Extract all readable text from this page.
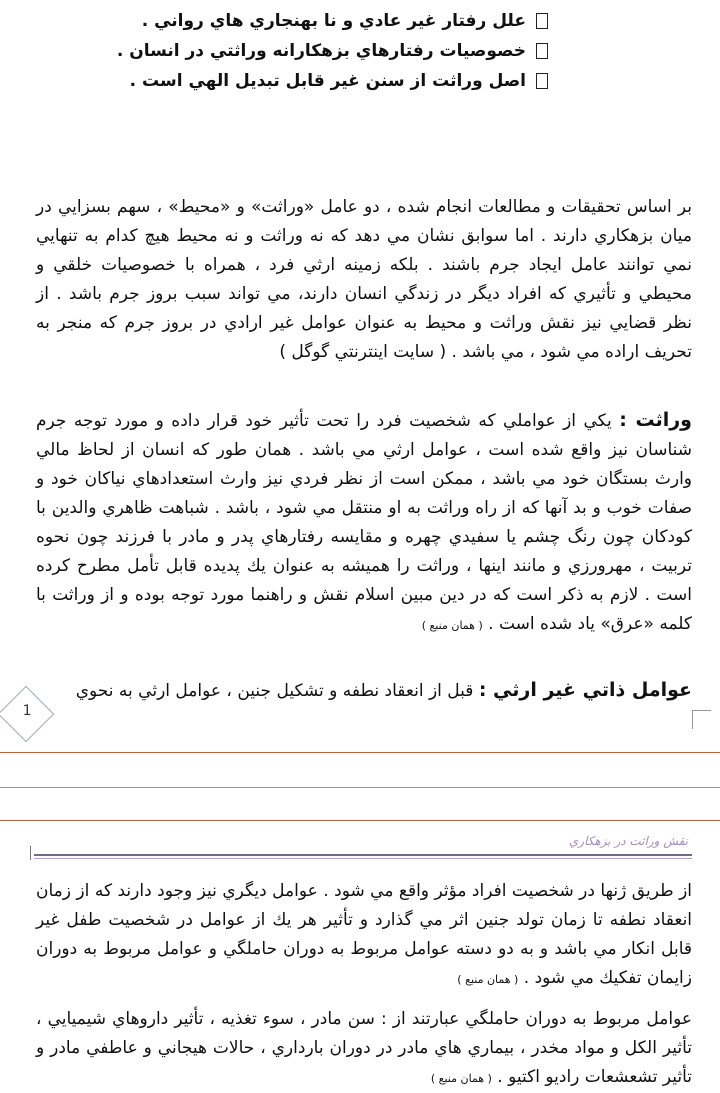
علل رفتار غير عادي و نا بهنجاري هاي رواني .
خصوصيات رفتارهاي بزهكارانه وراثتي در انسان .
اصل وراثت از سنن غير قابل تبديل الهي است .
بر اساس تحقيقات و مطالعات انجام شده ، دو عامل «وراثت» و «محيط» ، سهم بسزايي در ميان بزهكاري دارند . اما سوابق نشان مي دهد كه نه وراثت و نه محيط هيچ كدام به تنهايي نمي توانند عامل ايجاد جرم باشند . بلكه زمينه ارثي فرد ، همراه با خصوصيات خلقي و محيطي و تأثيري كه افراد ديگر در زندگي انسان دارند، مي تواند سبب بروز جرم باشد . از نظر قضايي نيز نقش وراثت و محيط به عنوان عوامل غير ارادي در بروز جرم كه منجر به تحريف اراده مي شود ، مي باشد . ( سايت اينترنتي گوگل )
وراثت : يكي از عواملي كه شخصيت فرد را تحت تأثير خود قرار داده و مورد توجه جرم شناسان نيز واقع شده است ، عوامل ارثي مي باشد . همان طور كه انسان از لحاظ مالي وارث بستگان خود مي باشد ، ممكن است از نظر فردي نيز وارث استعدادهاي نياكان خود و صفات خوب و بد آنها كه از راه وراثت به او منتقل مي شود ، باشد . شباهت ظاهري والدين با كودكان چون رنگ چشم يا سفيدي چهره و مقايسه رفتارهاي پدر و مادر با فرزند چون نحوه تربيت ، مهرورزي و مانند اينها ، وراثت را هميشه به عنوان يك پديده قابل تأمل مطرح كرده است . لازم به ذكر است كه در دين مبين اسلام نقش و راهنما مورد توجه بوده و از وراثت با كلمه «عرق» ياد شده است . ( همان منبع )
عوامل ذاتي غير ارثي : قبل از انعقاد نطفه و تشكيل جنين ، عوامل ارثي به نحوي
1
نقش وراثت در بزهكاري
از طريق ژنها در شخصيت افراد مؤثر واقع مي شود . عوامل ديگري نيز وجود دارند كه از زمان انعقاد نطفه تا زمان تولد جنين اثر مي گذارد و تأثير هر يك از عوامل در شخصيت طفل غير قابل انكار مي باشد و به دو دسته عوامل مربوط به دوران حاملگي و عوامل مربوط به دوران زايمان تفكيك مي شود . ( همان منبع )
عوامل مربوط به دوران حاملگي عبارتند از : سن مادر ، سوء تغذيه ، تأثير داروهاي شيميايي ، تأثير الكل و مواد مخدر ، بيماري هاي مادر در دوران بارداري ، حالات هيجاني و عاطفي مادر و تأثير تشعشعات راديو اكتيو . ( همان منبع )
